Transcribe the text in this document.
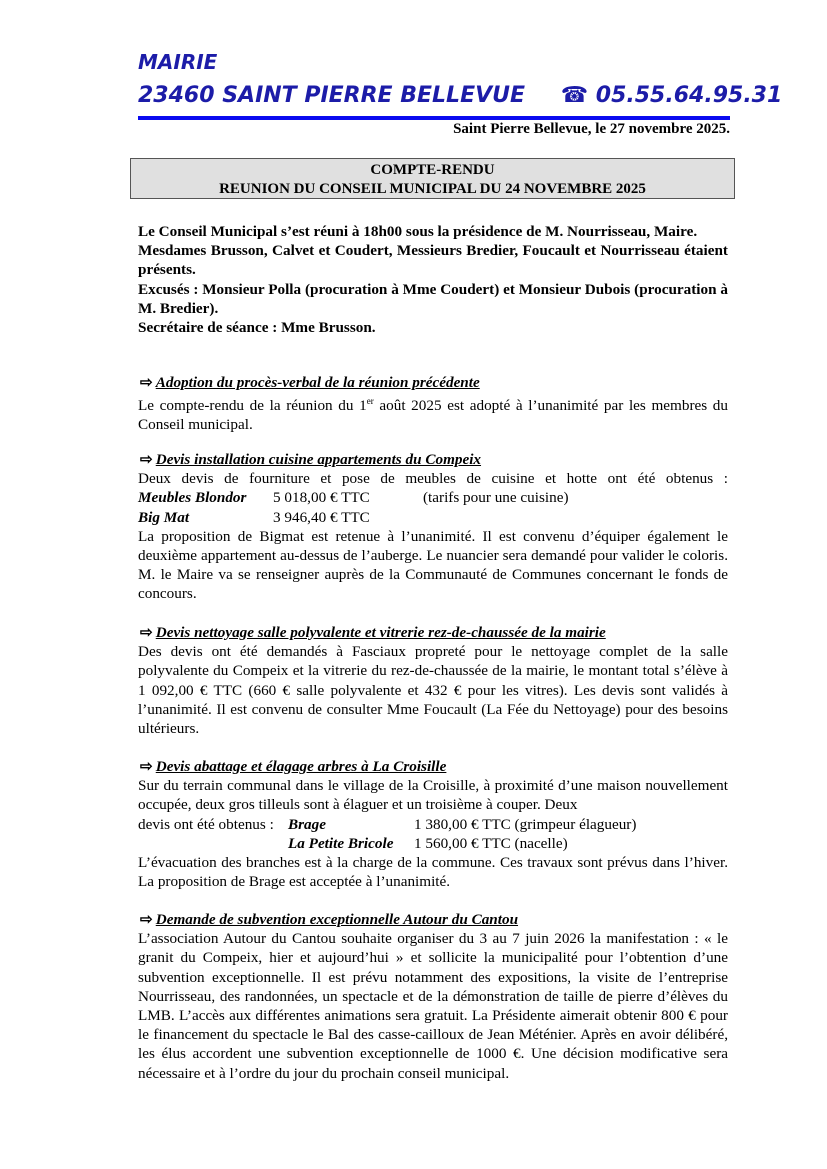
MAIRIE
23460 SAINT PIERRE BELLEVUE ☎ 05.55.64.95.31
Saint Pierre Bellevue, le 27 novembre 2025.
COMPTE-RENDU
REUNION DU CONSEIL MUNICIPAL DU 24 NOVEMBRE 2025

Le Conseil Municipal s’est réuni à 18h00 sous la présidence de M. Nourrisseau, Maire.

Mesdames Brusson, Calvet et Coudert, Messieurs Bredier, Foucault et Nourrisseau étaient présents.

Excusés : Monsieur Polla (procuration à Mme Coudert) et Monsieur Dubois (procuration à M. Bredier).

Secrétaire de séance : Mme Brusson.

⇨ Adoption du procès-verbal de la réunion précédente

Le compte-rendu de la réunion du 1er août 2025 est adopté à l’unanimité par les membres du Conseil municipal.

⇨ Devis installation cuisine appartements du Compeix

Deux devis de fourniture et pose de meubles de cuisine et hotte ont été obtenus :

Meubles Blondor	5 018,00 € TTC	(tarifs pour une cuisine)
Big Mat	3 946,40 € TTC

La proposition de Bigmat est retenue à l’unanimité. Il est convenu d’équiper également le deuxième appartement au-dessus de l’auberge. Le nuancier sera demandé pour valider le coloris. M. le Maire va se renseigner auprès de la Communauté de Communes concernant le fonds de concours.

⇨ Devis nettoyage salle polyvalente et vitrerie rez-de-chaussée de la mairie

Des devis ont été demandés à Fasciaux propreté pour le nettoyage complet de la salle polyvalente du Compeix et la vitrerie du rez-de-chaussée de la mairie, le montant total s’élève à 1 092,00 € TTC (660 € salle polyvalente et 432 € pour les vitres). Les devis sont validés à l’unanimité. Il est convenu de consulter Mme Foucault (La Fée du Nettoyage) pour des besoins ultérieurs.

⇨ Devis abattage et élagage arbres à La Croisille

Sur du terrain communal dans le village de la Croisille, à proximité d’une maison nouvellement occupée, deux gros tilleuls sont à élaguer et un troisième à couper. Deux

devis ont été obtenus : Brage	1 380,00 € TTC (grimpeur élagueur)
La Petite Bricole	1 560,00 € TTC (nacelle)

L’évacuation des branches est à la charge de la commune. Ces travaux sont prévus dans l’hiver. La proposition de Brage est acceptée à l’unanimité.

⇨ Demande de subvention exceptionnelle Autour du Cantou

L’association Autour du Cantou souhaite organiser du 3 au 7 juin 2026 la manifestation : « le granit du Compeix, hier et aujourd’hui » et sollicite la municipalité pour l’obtention d’une subvention exceptionnelle. Il est prévu notamment des expositions, la visite de l’entreprise Nourrisseau, des randonnées, un spectacle et de la démonstration de taille de pierre d’élèves du LMB. L’accès aux différentes animations sera gratuit. La Présidente aimerait obtenir 800 € pour le financement du spectacle le Bal des casse-cailloux de Jean Méténier. Après en avoir délibéré, les élus accordent une subvention exceptionnelle de 1000 €. Une décision modificative sera nécessaire et à l’ordre du jour du prochain conseil municipal.
